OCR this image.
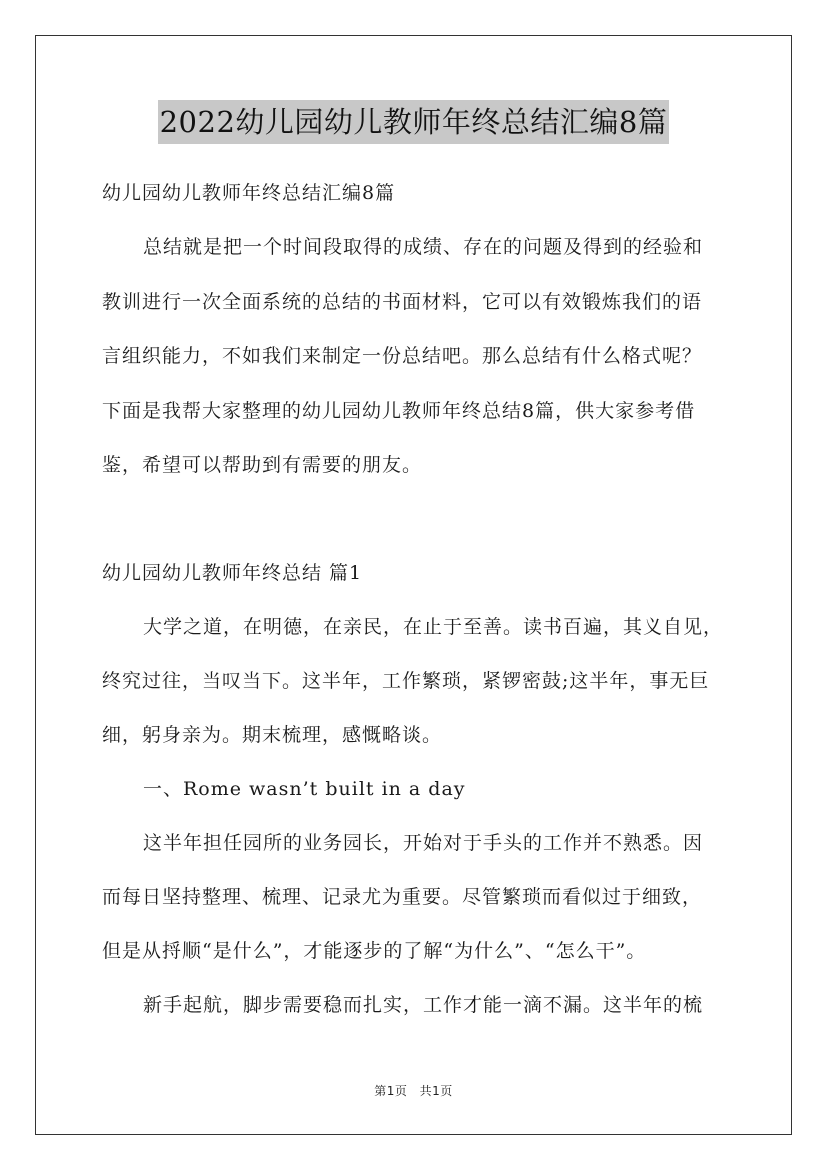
2022幼儿园幼儿教师年终总结汇编8篇
幼儿园幼儿教师年终总结汇编8篇
总结就是把一个时间段取得的成绩、存在的问题及得到的经验和
教训进行一次全面系统的总结的书面材料，它可以有效锻炼我们的语
言组织能力，不如我们来制定一份总结吧。那么总结有什么格式呢？
下面是我帮大家整理的幼儿园幼儿教师年终总结8篇，供大家参考借
鉴，希望可以帮助到有需要的朋友。
幼儿园幼儿教师年终总结 篇1
大学之道，在明德，在亲民，在止于至善。读书百遍，其义自见，
终究过往，当叹当下。这半年，工作繁琐，紧锣密鼓;这半年，事无巨
细，躬身亲为。期末梳理，感慨略谈。
一、Rome wasn’t built in a day
这半年担任园所的业务园长，开始对于手头的工作并不熟悉。因
而每日坚持整理、梳理、记录尤为重要。尽管繁琐而看似过于细致，
但是从捋顺“是什么”，才能逐步的了解“为什么”、“怎么干”。
新手起航，脚步需要稳而扎实，工作才能一滴不漏。这半年的梳
第1页 共1页
